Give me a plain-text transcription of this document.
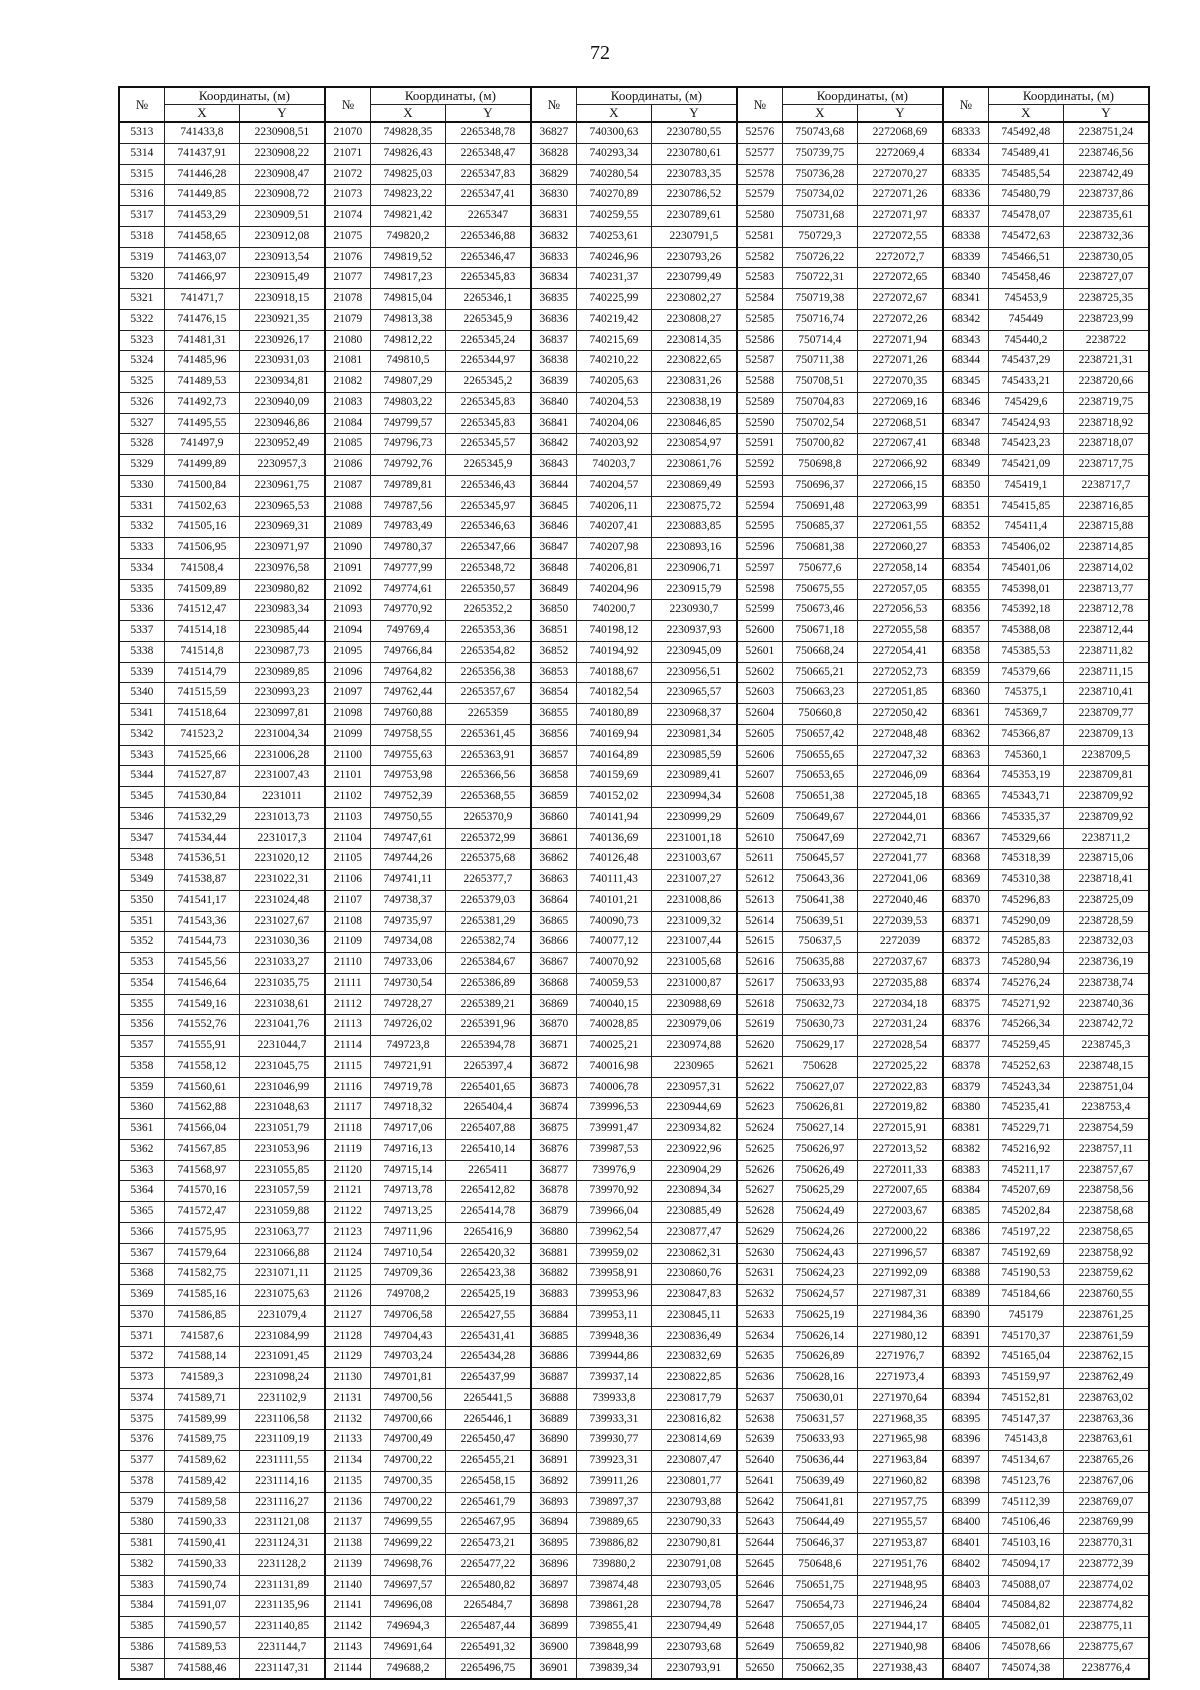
72
№	Координаты, (м)		№	Координаты, (м)		№	Координаты, (м)		№	Координаты, (м)		№	Координаты, (м)	
	X	Y		X	Y		X	Y		X	Y		X	Y
5313	741433,8	2230908,51	21070	749828,35	2265348,78	36827	740300,63	2230780,55	52576	750743,68	2272068,69	68333	745492,48	2238751,24
5314	741437,91	2230908,22	21071	749826,43	2265348,47	36828	740293,34	2230780,61	52577	750739,75	2272069,4	68334	745489,41	2238746,56
5315	741446,28	2230908,47	21072	749825,03	2265347,83	36829	740280,54	2230783,35	52578	750736,28	2272070,27	68335	745485,54	2238742,49
5316	741449,85	2230908,72	21073	749823,22	2265347,41	36830	740270,89	2230786,52	52579	750734,02	2272071,26	68336	745480,79	2238737,86
5317	741453,29	2230909,51	21074	749821,42	2265347	36831	740259,55	2230789,61	52580	750731,68	2272071,97	68337	745478,07	2238735,61
5318	741458,65	2230912,08	21075	749820,2	2265346,88	36832	740253,61	2230791,5	52581	750729,3	2272072,55	68338	745472,63	2238732,36
5319	741463,07	2230913,54	21076	749819,52	2265346,47	36833	740246,96	2230793,26	52582	750726,22	2272072,7	68339	745466,51	2238730,05
5320	741466,97	2230915,49	21077	749817,23	2265345,83	36834	740231,37	2230799,49	52583	750722,31	2272072,65	68340	745458,46	2238727,07
5321	741471,7	2230918,15	21078	749815,04	2265346,1	36835	740225,99	2230802,27	52584	750719,38	2272072,67	68341	745453,9	2238725,35
5322	741476,15	2230921,35	21079	749813,38	2265345,9	36836	740219,42	2230808,27	52585	750716,74	2272072,26	68342	745449	2238723,99
5323	741481,31	2230926,17	21080	749812,22	2265345,24	36837	740215,69	2230814,35	52586	750714,4	2272071,94	68343	745440,2	2238722
5324	741485,96	2230931,03	21081	749810,5	2265344,97	36838	740210,22	2230822,65	52587	750711,38	2272071,26	68344	745437,29	2238721,31
5325	741489,53	2230934,81	21082	749807,29	2265345,2	36839	740205,63	2230831,26	52588	750708,51	2272070,35	68345	745433,21	2238720,66
5326	741492,73	2230940,09	21083	749803,22	2265345,83	36840	740204,53	2230838,19	52589	750704,83	2272069,16	68346	745429,6	2238719,75
5327	741495,55	2230946,86	21084	749799,57	2265345,83	36841	740204,06	2230846,85	52590	750702,54	2272068,51	68347	745424,93	2238718,92
5328	741497,9	2230952,49	21085	749796,73	2265345,57	36842	740203,92	2230854,97	52591	750700,82	2272067,41	68348	745423,23	2238718,07
5329	741499,89	2230957,3	21086	749792,76	2265345,9	36843	740203,7	2230861,76	52592	750698,8	2272066,92	68349	745421,09	2238717,75
5330	741500,84	2230961,75	21087	749789,81	2265346,43	36844	740204,57	2230869,49	52593	750696,37	2272066,15	68350	745419,1	2238717,7
5331	741502,63	2230965,53	21088	749787,56	2265345,97	36845	740206,11	2230875,72	52594	750691,48	2272063,99	68351	745415,85	2238716,85
5332	741505,16	2230969,31	21089	749783,49	2265346,63	36846	740207,41	2230883,85	52595	750685,37	2272061,55	68352	745411,4	2238715,88
5333	741506,95	2230971,97	21090	749780,37	2265347,66	36847	740207,98	2230893,16	52596	750681,38	2272060,27	68353	745406,02	2238714,85
5334	741508,4	2230976,58	21091	749777,99	2265348,72	36848	740206,81	2230906,71	52597	750677,6	2272058,14	68354	745401,06	2238714,02
5335	741509,89	2230980,82	21092	749774,61	2265350,57	36849	740204,96	2230915,79	52598	750675,55	2272057,05	68355	745398,01	2238713,77
5336	741512,47	2230983,34	21093	749770,92	2265352,2	36850	740200,7	2230930,7	52599	750673,46	2272056,53	68356	745392,18	2238712,78
5337	741514,18	2230985,44	21094	749769,4	2265353,36	36851	740198,12	2230937,93	52600	750671,18	2272055,58	68357	745388,08	2238712,44
5338	741514,8	2230987,73	21095	749766,84	2265354,82	36852	740194,92	2230945,09	52601	750668,24	2272054,41	68358	745385,53	2238711,82
5339	741514,79	2230989,85	21096	749764,82	2265356,38	36853	740188,67	2230956,51	52602	750665,21	2272052,73	68359	745379,66	2238711,15
5340	741515,59	2230993,23	21097	749762,44	2265357,67	36854	740182,54	2230965,57	52603	750663,23	2272051,85	68360	745375,1	2238710,41
5341	741518,64	2230997,81	21098	749760,88	2265359	36855	740180,89	2230968,37	52604	750660,8	2272050,42	68361	745369,7	2238709,77
5342	741523,2	2231004,34	21099	749758,55	2265361,45	36856	740169,94	2230981,34	52605	750657,42	2272048,48	68362	745366,87	2238709,13
5343	741525,66	2231006,28	21100	749755,63	2265363,91	36857	740164,89	2230985,59	52606	750655,65	2272047,32	68363	745360,1	2238709,5
5344	741527,87	2231007,43	21101	749753,98	2265366,56	36858	740159,69	2230989,41	52607	750653,65	2272046,09	68364	745353,19	2238709,81
5345	741530,84	2231011	21102	749752,39	2265368,55	36859	740152,02	2230994,34	52608	750651,38	2272045,18	68365	745343,71	2238709,92
5346	741532,29	2231013,73	21103	749750,55	2265370,9	36860	740141,94	2230999,29	52609	750649,67	2272044,01	68366	745335,37	2238709,92
5347	741534,44	2231017,3	21104	749747,61	2265372,99	36861	740136,69	2231001,18	52610	750647,69	2272042,71	68367	745329,66	2238711,2
5348	741536,51	2231020,12	21105	749744,26	2265375,68	36862	740126,48	2231003,67	52611	750645,57	2272041,77	68368	745318,39	2238715,06
5349	741538,87	2231022,31	21106	749741,11	2265377,7	36863	740111,43	2231007,27	52612	750643,36	2272041,06	68369	745310,38	2238718,41
5350	741541,17	2231024,48	21107	749738,37	2265379,03	36864	740101,21	2231008,86	52613	750641,38	2272040,46	68370	745296,83	2238725,09
5351	741543,36	2231027,67	21108	749735,97	2265381,29	36865	740090,73	2231009,32	52614	750639,51	2272039,53	68371	745290,09	2238728,59
5352	741544,73	2231030,36	21109	749734,08	2265382,74	36866	740077,12	2231007,44	52615	750637,5	2272039	68372	745285,83	2238732,03
5353	741545,56	2231033,27	21110	749733,06	2265384,67	36867	740070,92	2231005,68	52616	750635,88	2272037,67	68373	745280,94	2238736,19
5354	741546,64	2231035,75	21111	749730,54	2265386,89	36868	740059,53	2231000,87	52617	750633,93	2272035,88	68374	745276,24	2238738,74
5355	741549,16	2231038,61	21112	749728,27	2265389,21	36869	740040,15	2230988,69	52618	750632,73	2272034,18	68375	745271,92	2238740,36
5356	741552,76	2231041,76	21113	749726,02	2265391,96	36870	740028,85	2230979,06	52619	750630,73	2272031,24	68376	745266,34	2238742,72
5357	741555,91	2231044,7	21114	749723,8	2265394,78	36871	740025,21	2230974,88	52620	750629,17	2272028,54	68377	745259,45	2238745,3
5358	741558,12	2231045,75	21115	749721,91	2265397,4	36872	740016,98	2230965	52621	750628	2272025,22	68378	745252,63	2238748,15
5359	741560,61	2231046,99	21116	749719,78	2265401,65	36873	740006,78	2230957,31	52622	750627,07	2272022,83	68379	745243,34	2238751,04
5360	741562,88	2231048,63	21117	749718,32	2265404,4	36874	739996,53	2230944,69	52623	750626,81	2272019,82	68380	745235,41	2238753,4
5361	741566,04	2231051,79	21118	749717,06	2265407,88	36875	739991,47	2230934,82	52624	750627,14	2272015,91	68381	745229,71	2238754,59
5362	741567,85	2231053,96	21119	749716,13	2265410,14	36876	739987,53	2230922,96	52625	750626,97	2272013,52	68382	745216,92	2238757,11
5363	741568,97	2231055,85	21120	749715,14	2265411	36877	739976,9	2230904,29	52626	750626,49	2272011,33	68383	745211,17	2238757,67
5364	741570,16	2231057,59	21121	749713,78	2265412,82	36878	739970,92	2230894,34	52627	750625,29	2272007,65	68384	745207,69	2238758,56
5365	741572,47	2231059,88	21122	749713,25	2265414,78	36879	739966,04	2230885,49	52628	750624,49	2272003,67	68385	745202,84	2238758,68
5366	741575,95	2231063,77	21123	749711,96	2265416,9	36880	739962,54	2230877,47	52629	750624,26	2272000,22	68386	745197,22	2238758,65
5367	741579,64	2231066,88	21124	749710,54	2265420,32	36881	739959,02	2230862,31	52630	750624,43	2271996,57	68387	745192,69	2238758,92
5368	741582,75	2231071,11	21125	749709,36	2265423,38	36882	739958,91	2230860,76	52631	750624,23	2271992,09	68388	745190,53	2238759,62
5369	741585,16	2231075,63	21126	749708,2	2265425,19	36883	739953,96	2230847,83	52632	750624,57	2271987,31	68389	745184,66	2238760,55
5370	741586,85	2231079,4	21127	749706,58	2265427,55	36884	739953,11	2230845,11	52633	750625,19	2271984,36	68390	745179	2238761,25
5371	741587,6	2231084,99	21128	749704,43	2265431,41	36885	739948,36	2230836,49	52634	750626,14	2271980,12	68391	745170,37	2238761,59
5372	741588,14	2231091,45	21129	749703,24	2265434,28	36886	739944,86	2230832,69	52635	750626,89	2271976,7	68392	745165,04	2238762,15
5373	741589,3	2231098,24	21130	749701,81	2265437,99	36887	739937,14	2230822,85	52636	750628,16	2271973,4	68393	745159,97	2238762,49
5374	741589,71	2231102,9	21131	749700,56	2265441,5	36888	739933,8	2230817,79	52637	750630,01	2271970,64	68394	745152,81	2238763,02
5375	741589,99	2231106,58	21132	749700,66	2265446,1	36889	739933,31	2230816,82	52638	750631,57	2271968,35	68395	745147,37	2238763,36
5376	741589,75	2231109,19	21133	749700,49	2265450,47	36890	739930,77	2230814,69	52639	750633,93	2271965,98	68396	745143,8	2238763,61
5377	741589,62	2231111,55	21134	749700,22	2265455,21	36891	739923,31	2230807,47	52640	750636,44	2271963,84	68397	745134,67	2238765,26
5378	741589,42	2231114,16	21135	749700,35	2265458,15	36892	739911,26	2230801,77	52641	750639,49	2271960,82	68398	745123,76	2238767,06
5379	741589,58	2231116,27	21136	749700,22	2265461,79	36893	739897,37	2230793,88	52642	750641,81	2271957,75	68399	745112,39	2238769,07
5380	741590,33	2231121,08	21137	749699,55	2265467,95	36894	739889,65	2230790,33	52643	750644,49	2271955,57	68400	745106,46	2238769,99
5381	741590,41	2231124,31	21138	749699,22	2265473,21	36895	739886,82	2230790,81	52644	750646,37	2271953,87	68401	745103,16	2238770,31
5382	741590,33	2231128,2	21139	749698,76	2265477,22	36896	739880,2	2230791,08	52645	750648,6	2271951,76	68402	745094,17	2238772,39
5383	741590,74	2231131,89	21140	749697,57	2265480,82	36897	739874,48	2230793,05	52646	750651,75	2271948,95	68403	745088,07	2238774,02
5384	741591,07	2231135,96	21141	749696,08	2265484,7	36898	739861,28	2230794,78	52647	750654,73	2271946,24	68404	745084,82	2238774,82
5385	741590,57	2231140,85	21142	749694,3	2265487,44	36899	739855,41	2230794,49	52648	750657,05	2271944,17	68405	745082,01	2238775,11
5386	741589,53	2231144,7	21143	749691,64	2265491,32	36900	739848,99	2230793,68	52649	750659,82	2271940,98	68406	745078,66	2238775,67
5387	741588,46	2231147,31	21144	749688,2	2265496,75	36901	739839,34	2230793,91	52650	750662,35	2271938,43	68407	745074,38	2238776,4
